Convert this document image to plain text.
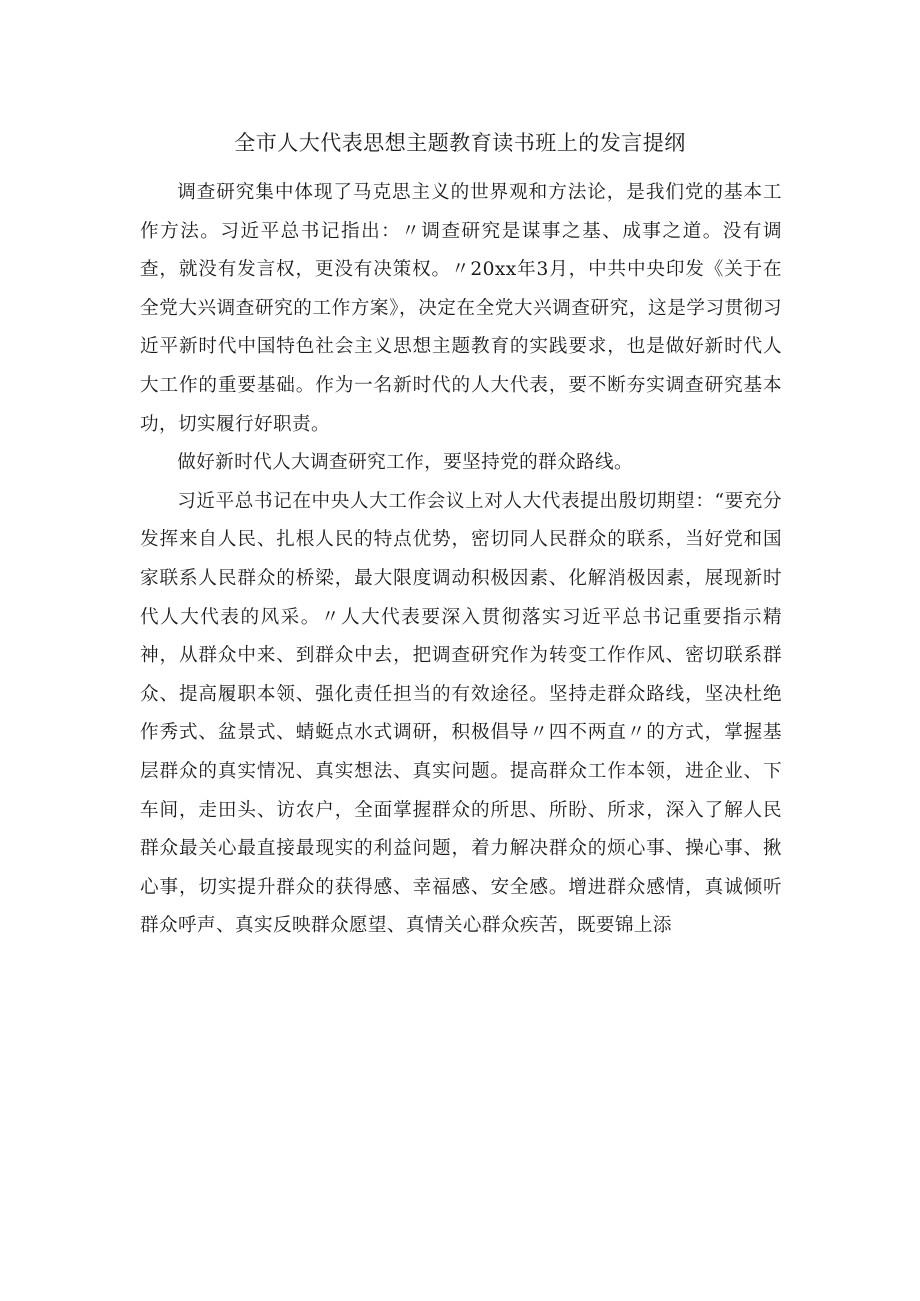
全市人大代表思想主题教育读书班上的发言提纲

调查研究集中体现了马克思主义的世界观和方法论，是我们党的基本工作方法。习近平总书记指出：〃调查研究是谋事之基、成事之道。没有调查，就没有发言权，更没有决策权。〃20xx年3月，中共中央印发《关于在全党大兴调查研究的工作方案》，决定在全党大兴调查研究，这是学习贯彻习近平新时代中国特色社会主义思想主题教育的实践要求，也是做好新时代人大工作的重要基础。作为一名新时代的人大代表，要不断夯实调查研究基本功，切实履行好职责。

做好新时代人大调查研究工作，要坚持党的群众路线。

习近平总书记在中央人大工作会议上对人大代表提出殷切期望：“要充分发挥来自人民、扎根人民的特点优势，密切同人民群众的联系，当好党和国家联系人民群众的桥梁，最大限度调动积极因素、化解消极因素，展现新时代人大代表的风采。〃人大代表要深入贯彻落实习近平总书记重要指示精神，从群众中来、到群众中去，把调查研究作为转变工作作风、密切联系群众、提高履职本领、强化责任担当的有效途径。坚持走群众路线，坚决杜绝作秀式、盆景式、蜻蜓点水式调研，积极倡导〃四不两直〃的方式，掌握基层群众的真实情况、真实想法、真实问题。提高群众工作本领，进企业、下车间，走田头、访农户，全面掌握群众的所思、所盼、所求，深入了解人民群众最关心最直接最现实的利益问题，着力解决群众的烦心事、操心事、揪心事，切实提升群众的获得感、幸福感、安全感。增进群众感情，真诚倾听群众呼声、真实反映群众愿望、真情关心群众疾苦，既要锦上添
